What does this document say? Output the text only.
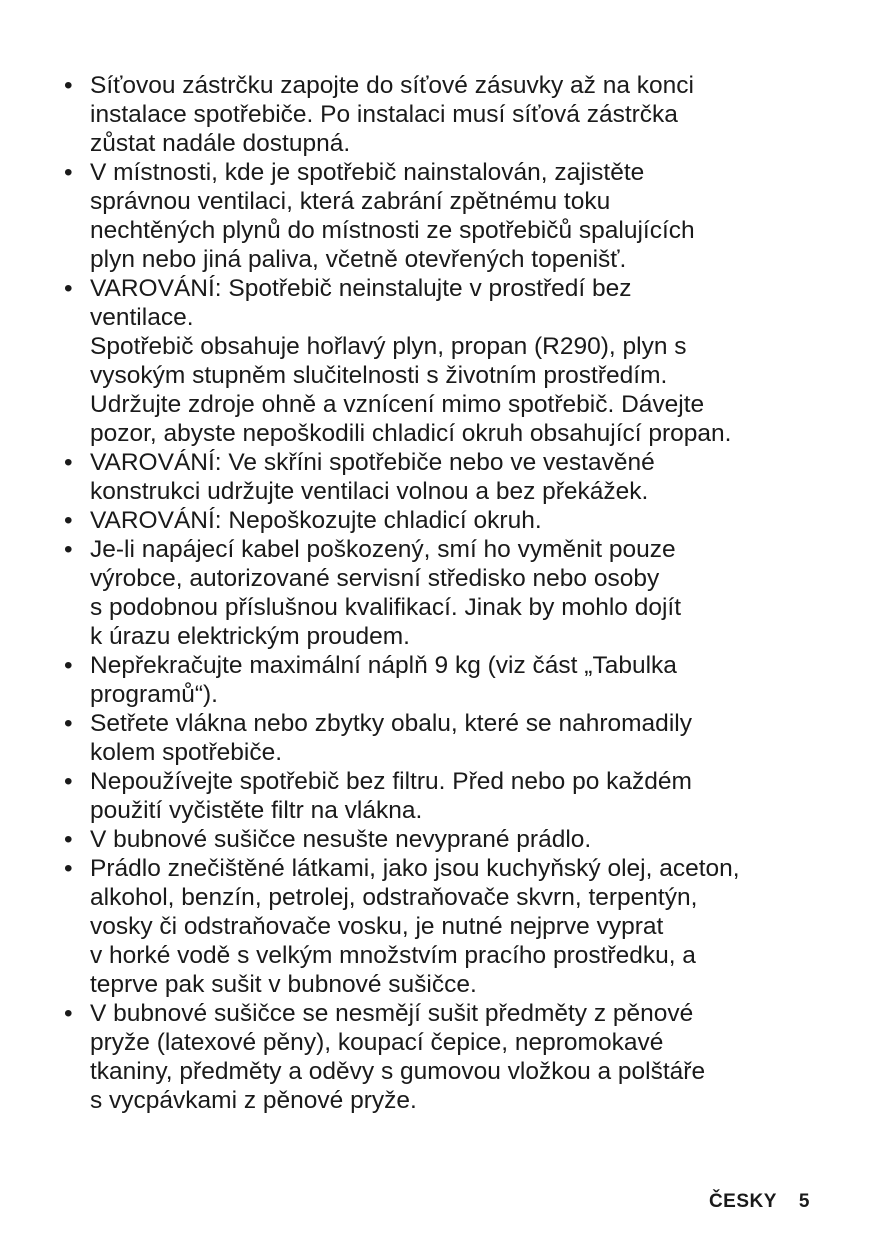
• Síťovou zástrčku zapojte do síťové zásuvky až na konci
instalace spotřebiče. Po instalaci musí síťová zástrčka
zůstat nadále dostupná.
• V místnosti, kde je spotřebič nainstalován, zajistěte
správnou ventilaci, která zabrání zpětnému toku
nechtěných plynů do místnosti ze spotřebičů spalujících
plyn nebo jiná paliva, včetně otevřených topenišť.
• VAROVÁNÍ: Spotřebič neinstalujte v prostředí bez
ventilace.
Spotřebič obsahuje hořlavý plyn, propan (R290), plyn s
vysokým stupněm slučitelnosti s životním prostředím.
Udržujte zdroje ohně a vznícení mimo spotřebič. Dávejte
pozor, abyste nepoškodili chladicí okruh obsahující propan.
• VAROVÁNÍ: Ve skříni spotřebiče nebo ve vestavěné
konstrukci udržujte ventilaci volnou a bez překážek.
• VAROVÁNÍ: Nepoškozujte chladicí okruh.
• Je-li napájecí kabel poškozený, smí ho vyměnit pouze
výrobce, autorizované servisní středisko nebo osoby
s podobnou příslušnou kvalifikací. Jinak by mohlo dojít
k úrazu elektrickým proudem.
• Nepřekračujte maximální náplň 9 kg (viz část „Tabulka
programů“).
• Setřete vlákna nebo zbytky obalu, které se nahromadily
kolem spotřebiče.
• Nepoužívejte spotřebič bez filtru. Před nebo po každém
použití vyčistěte filtr na vlákna.
• V bubnové sušičce nesušte nevyprané prádlo.
• Prádlo znečištěné látkami, jako jsou kuchyňský olej, aceton,
alkohol, benzín, petrolej, odstraňovače skvrn, terpentýn,
vosky či odstraňovače vosku, je nutné nejprve vyprat
v horké vodě s velkým množstvím pracího prostředku, a
teprve pak sušit v bubnové sušičce.
• V bubnové sušičce se nesmějí sušit předměty z pěnové
pryže (latexové pěny), koupací čepice, nepromokavé
tkaniny, předměty a oděvy s gumovou vložkou a polštáře
s vycpávkami z pěnové pryže.
ČESKY 5
